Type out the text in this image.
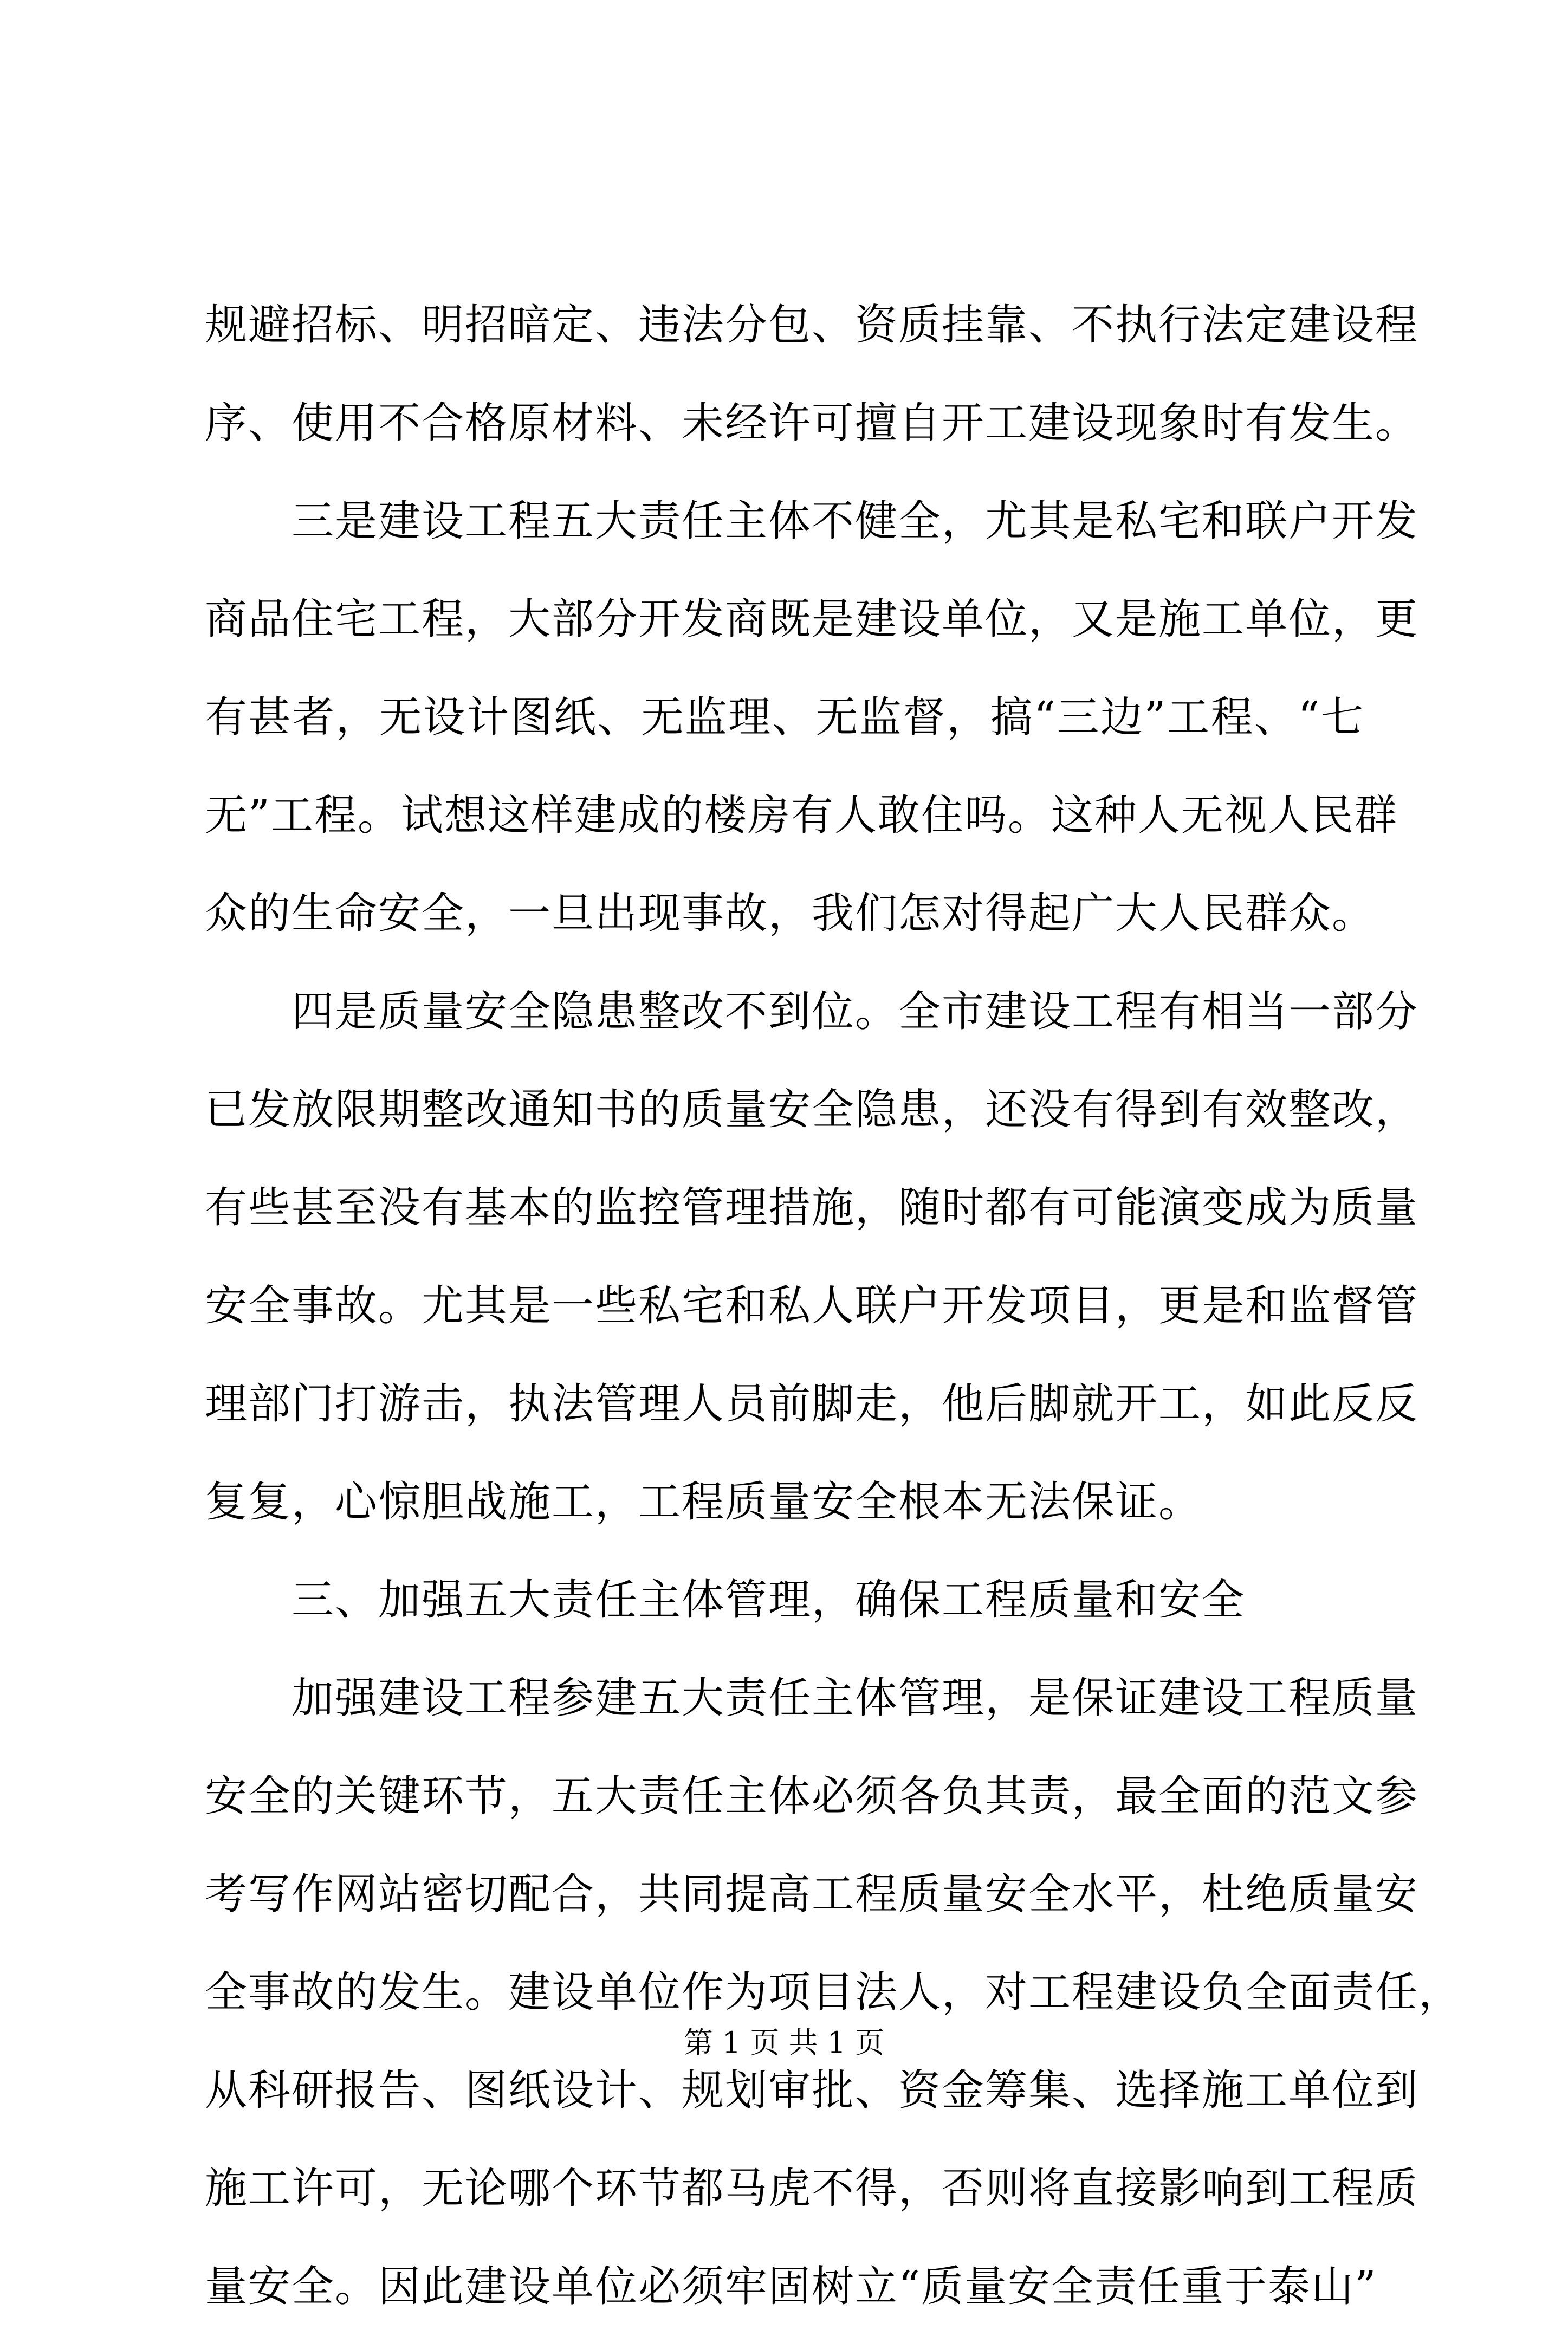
规避招标、明招暗定、违法分包、资质挂靠、不执行法定建设程
序、使用不合格原材料、未经许可擅自开工建设现象时有发生。
三是建设工程五大责任主体不健全，尤其是私宅和联户开发
商品住宅工程，大部分开发商既是建设单位，又是施工单位，更
有甚者，无设计图纸、无监理、无监督，搞“三边”工程、“七
无”工程。试想这样建成的楼房有人敢住吗。这种人无视人民群
众的生命安全，一旦出现事故，我们怎对得起广大人民群众。
四是质量安全隐患整改不到位。全市建设工程有相当一部分
已发放限期整改通知书的质量安全隐患，还没有得到有效整改，
有些甚至没有基本的监控管理措施，随时都有可能演变成为质量
安全事故。尤其是一些私宅和私人联户开发项目，更是和监督管
理部门打游击，执法管理人员前脚走，他后脚就开工，如此反反
复复，心惊胆战施工，工程质量安全根本无法保证。
三、加强五大责任主体管理，确保工程质量和安全
加强建设工程参建五大责任主体管理，是保证建设工程质量
安全的关键环节，五大责任主体必须各负其责，最全面的范文参
考写作网站密切配合，共同提高工程质量安全水平，杜绝质量安
全事故的发生。建设单位作为项目法人，对工程建设负全面责任，
从科研报告、图纸设计、规划审批、资金筹集、选择施工单位到
施工许可，无论哪个环节都马虎不得，否则将直接影响到工程质
量安全。因此建设单位必须牢固树立“质量安全责任重于泰山”
第 1 页 共 1 页
